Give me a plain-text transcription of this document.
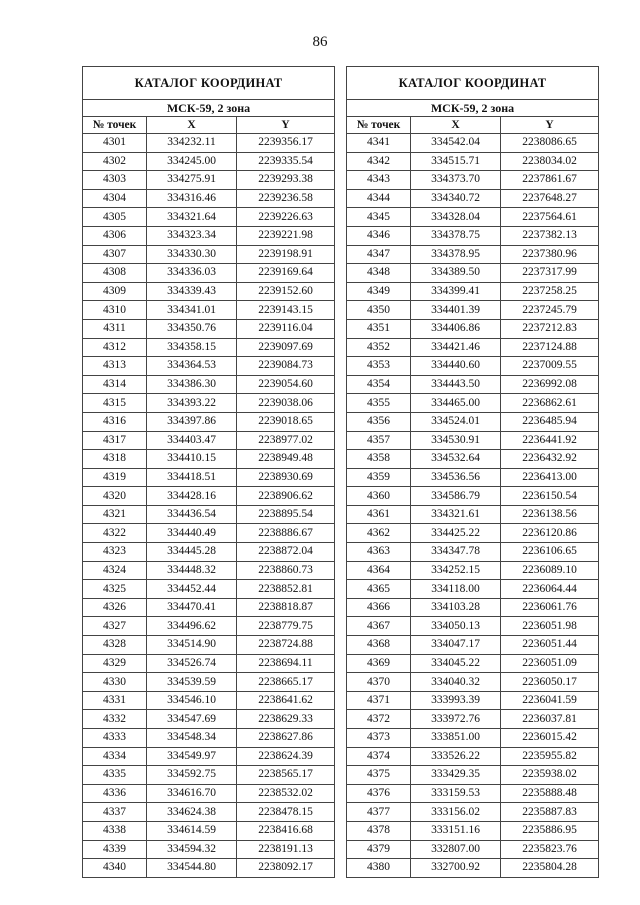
86
КАТАЛОГ КООРДИНАТ		
МСК-59, 2 зона		
№ точек	X	Y
4301	334232.11	2239356.17
4302	334245.00	2239335.54
4303	334275.91	2239293.38
4304	334316.46	2239236.58
4305	334321.64	2239226.63
4306	334323.34	2239221.98
4307	334330.30	2239198.91
4308	334336.03	2239169.64
4309	334339.43	2239152.60
4310	334341.01	2239143.15
4311	334350.76	2239116.04
4312	334358.15	2239097.69
4313	334364.53	2239084.73
4314	334386.30	2239054.60
4315	334393.22	2239038.06
4316	334397.86	2239018.65
4317	334403.47	2238977.02
4318	334410.15	2238949.48
4319	334418.51	2238930.69
4320	334428.16	2238906.62
4321	334436.54	2238895.54
4322	334440.49	2238886.67
4323	334445.28	2238872.04
4324	334448.32	2238860.73
4325	334452.44	2238852.81
4326	334470.41	2238818.87
4327	334496.62	2238779.75
4328	334514.90	2238724.88
4329	334526.74	2238694.11
4330	334539.59	2238665.17
4331	334546.10	2238641.62
4332	334547.69	2238629.33
4333	334548.34	2238627.86
4334	334549.97	2238624.39
4335	334592.75	2238565.17
4336	334616.70	2238532.02
4337	334624.38	2238478.15
4338	334614.59	2238416.68
4339	334594.32	2238191.13
4340	334544.80	2238092.17
КАТАЛОГ КООРДИНАТ		
МСК-59, 2 зона		
№ точек	X	Y
4341	334542.04	2238086.65
4342	334515.71	2238034.02
4343	334373.70	2237861.67
4344	334340.72	2237648.27
4345	334328.04	2237564.61
4346	334378.75	2237382.13
4347	334378.95	2237380.96
4348	334389.50	2237317.99
4349	334399.41	2237258.25
4350	334401.39	2237245.79
4351	334406.86	2237212.83
4352	334421.46	2237124.88
4353	334440.60	2237009.55
4354	334443.50	2236992.08
4355	334465.00	2236862.61
4356	334524.01	2236485.94
4357	334530.91	2236441.92
4358	334532.64	2236432.92
4359	334536.56	2236413.00
4360	334586.79	2236150.54
4361	334321.61	2236138.56
4362	334425.22	2236120.86
4363	334347.78	2236106.65
4364	334252.15	2236089.10
4365	334118.00	2236064.44
4366	334103.28	2236061.76
4367	334050.13	2236051.98
4368	334047.17	2236051.44
4369	334045.22	2236051.09
4370	334040.32	2236050.17
4371	333993.39	2236041.59
4372	333972.76	2236037.81
4373	333851.00	2236015.42
4374	333526.22	2235955.82
4375	333429.35	2235938.02
4376	333159.53	2235888.48
4377	333156.02	2235887.83
4378	333151.16	2235886.95
4379	332807.00	2235823.76
4380	332700.92	2235804.28
